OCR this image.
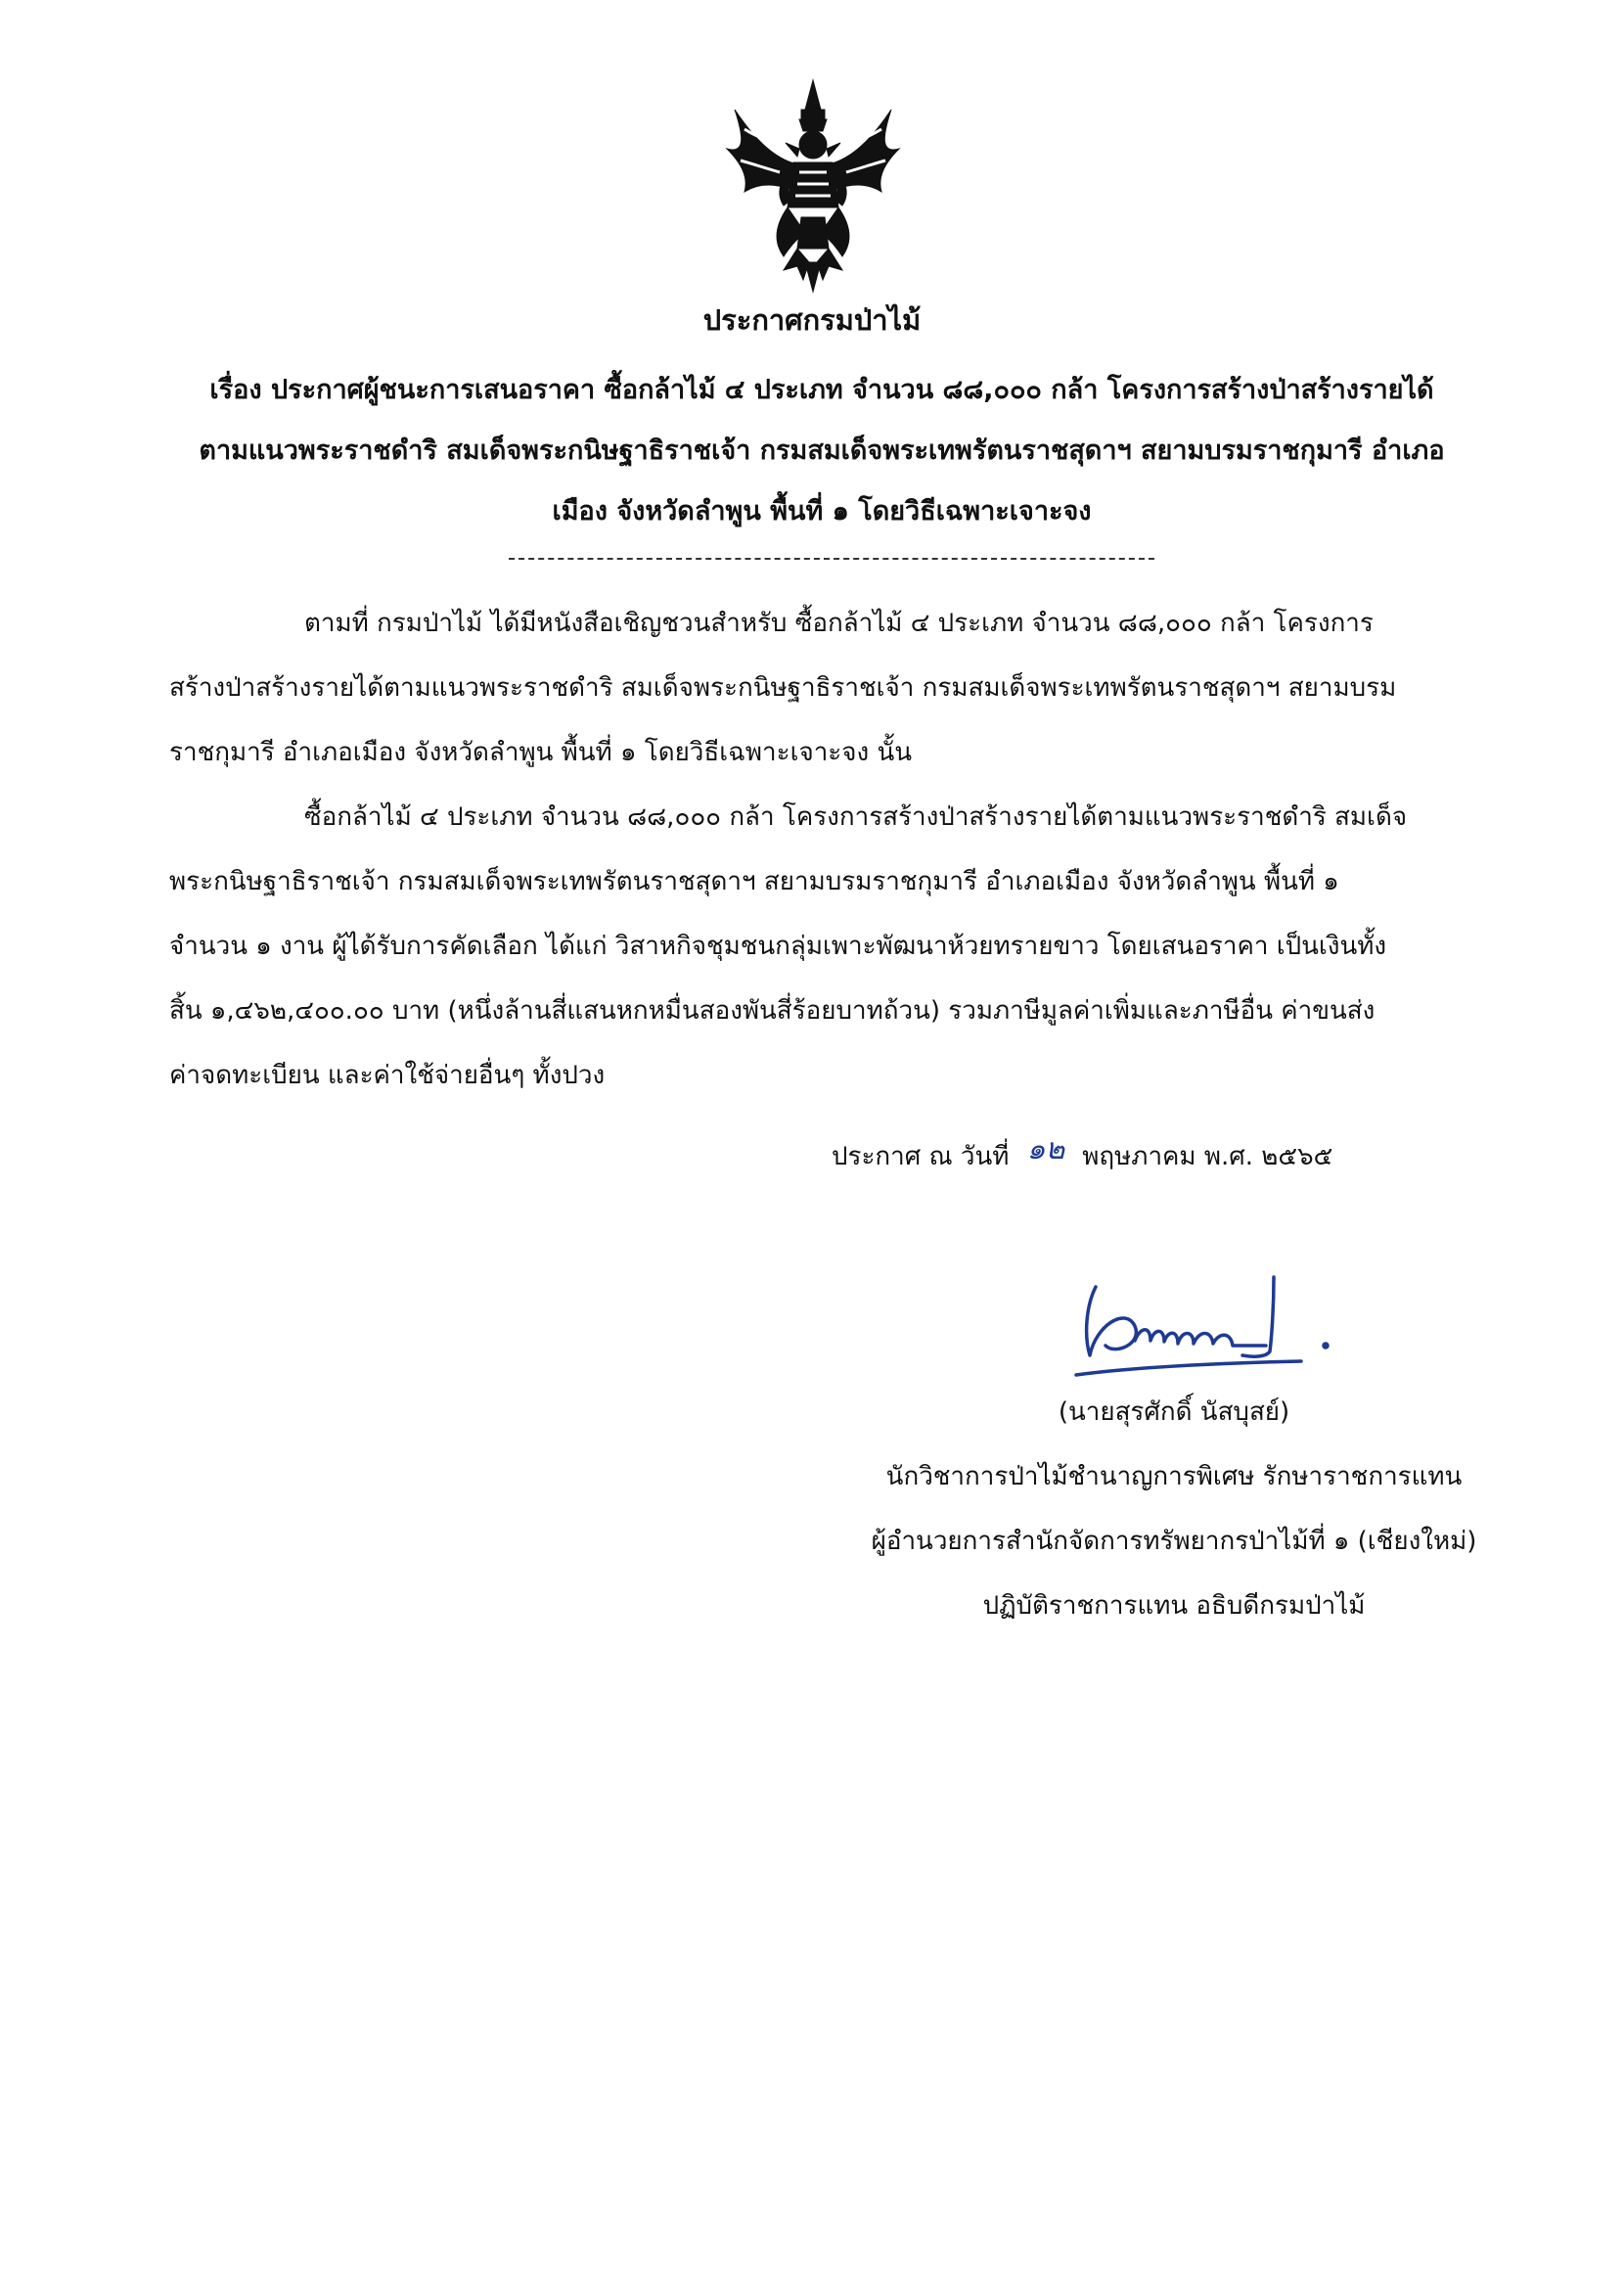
ประกาศกรมป่าไม้
เรื่อง ประกาศผู้ชนะการเสนอราคา ซื้อกล้าไม้ ๔ ประเภท จำนวน ๘๘,๐๐๐ กล้า โครงการสร้างป่าสร้างรายได้
ตามแนวพระราชดำริ สมเด็จพระกนิษฐาธิราชเจ้า กรมสมเด็จพระเทพรัตนราชสุดาฯ สยามบรมราชกุมารี อำเภอ
เมือง จังหวัดลำพูน พื้นที่ ๑ โดยวิธีเฉพาะเจาะจง
ตามที่ กรมป่าไม้ ได้มีหนังสือเชิญชวนสำหรับ ซื้อกล้าไม้ ๔ ประเภท จำนวน ๘๘,๐๐๐ กล้า โครงการ
สร้างป่าสร้างรายได้ตามแนวพระราชดำริ สมเด็จพระกนิษฐาธิราชเจ้า กรมสมเด็จพระเทพรัตนราชสุดาฯ สยามบรม
ราชกุมารี อำเภอเมือง จังหวัดลำพูน พื้นที่ ๑ โดยวิธีเฉพาะเจาะจง นั้น
ซื้อกล้าไม้ ๔ ประเภท จำนวน ๘๘,๐๐๐ กล้า โครงการสร้างป่าสร้างรายได้ตามแนวพระราชดำริ สมเด็จ
พระกนิษฐาธิราชเจ้า กรมสมเด็จพระเทพรัตนราชสุดาฯ สยามบรมราชกุมารี อำเภอเมือง จังหวัดลำพูน พื้นที่ ๑
จำนวน ๑ งาน ผู้ได้รับการคัดเลือก ได้แก่ วิสาหกิจชุมชนกลุ่มเพาะพัฒนาห้วยทรายขาว โดยเสนอราคา เป็นเงินทั้ง
สิ้น ๑,๔๖๒,๔๐๐.๐๐ บาท (หนึ่งล้านสี่แสนหกหมื่นสองพันสี่ร้อยบาทถ้วน) รวมภาษีมูลค่าเพิ่มและภาษีอื่น ค่าขนส่ง
ค่าจดทะเบียน และค่าใช้จ่ายอื่นๆ ทั้งปวง
ประกาศ ณ วันที่ ๑๒ พฤษภาคม พ.ศ. ๒๕๖๕
(นายสุรศักดิ์ นัสบุสย์)
นักวิชาการป่าไม้ชำนาญการพิเศษ รักษาราชการแทน
ผู้อำนวยการสำนักจัดการทรัพยากรป่าไม้ที่ ๑ (เชียงใหม่)
ปฏิบัติราชการแทน อธิบดีกรมป่าไม้
